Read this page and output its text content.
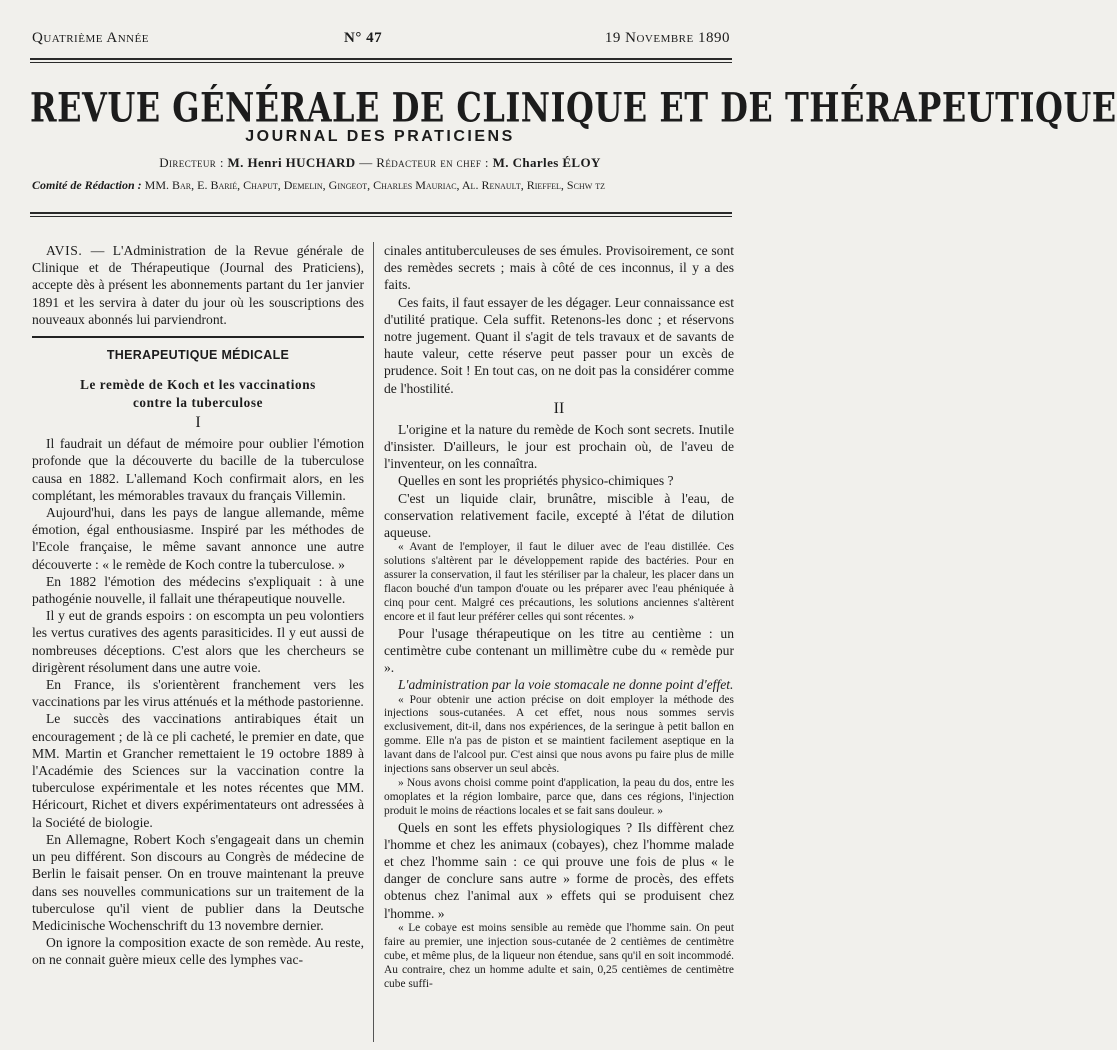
Quatrième Année	N° 47	19 Novembre 1890
REVUE GÉNÉRALE DE CLINIQUE ET DE THÉRAPEUTIQUE
JOURNAL DES PRATICIENS
Directeur : M. Henri HUCHARD — Rédacteur en chef : M. Charles ÉLOY
Comité de Rédaction : MM. Bar, E. Barié, Chaput, Demelin, Gingeot, Charles Mauriac, Al. Renault, Rieffel, Schw tz

AVIS. — L'Administration de la Revue générale de Clinique et de Thérapeutique (Journal des Praticiens), accepte dès à présent les abonnements partant du 1er janvier 1891 et les servira à dater du jour où les souscriptions des nouveaux abonnés lui parviendront.

THERAPEUTIQUE MÉDICALE
Le remède de Koch et les vaccinations
contre la tuberculose
I

Il faudrait un défaut de mémoire pour oublier l'émotion profonde que la découverte du bacille de la tuberculose causa en 1882. L'allemand Koch confirmait alors, en les complétant, les mémorables travaux du français Villemin.

Aujourd'hui, dans les pays de langue allemande, même émotion, égal enthousiasme. Inspiré par les méthodes de l'Ecole française, le même savant annonce une autre découverte : « le remède de Koch contre la tuberculose. »

En 1882 l'émotion des médecins s'expliquait : à une pathogénie nouvelle, il fallait une thérapeutique nouvelle.

Il y eut de grands espoirs : on escompta un peu volontiers les vertus curatives des agents parasiticides. Il y eut aussi de nombreuses déceptions. C'est alors que les chercheurs se dirigèrent résolument dans une autre voie.

En France, ils s'orientèrent franchement vers les vaccinations par les virus atténués et la méthode pastorienne.

Le succès des vaccinations antirabiques était un encouragement ; de là ce pli cacheté, le premier en date, que MM. Martin et Grancher remettaient le 19 octobre 1889 à l'Académie des Sciences sur la vaccination contre la tuberculose expérimentale et les notes récentes que MM. Héricourt, Richet et divers expérimentateurs ont adressées à la Société de biologie.

En Allemagne, Robert Koch s'engageait dans un chemin un peu différent. Son discours au Congrès de médecine de Berlin le faisait penser. On en trouve maintenant la preuve dans ses nouvelles communications sur un traitement de la tuberculose qu'il vient de publier dans la Deutsche Medicinische Wochenschrift du 13 novembre dernier.

On ignore la composition exacte de son remède. Au reste, on ne connait guère mieux celle des lymphes vac-

cinales antituberculeuses de ses émules. Provisoirement, ce sont des remèdes secrets ; mais à côté de ces inconnus, il y a des faits.

Ces faits, il faut essayer de les dégager. Leur connaissance est d'utilité pratique. Cela suffit. Retenons-les donc ; et réservons notre jugement. Quant il s'agit de tels travaux et de savants de haute valeur, cette réserve peut passer pour un excès de prudence. Soit ! En tout cas, on ne doit pas la considérer comme de l'hostilité.

II

L'origine et la nature du remède de Koch sont secrets. Inutile d'insister. D'ailleurs, le jour est prochain où, de l'aveu de l'inventeur, on les connaîtra.

Quelles en sont les propriétés physico-chimiques ?

C'est un liquide clair, brunâtre, miscible à l'eau, de conservation relativement facile, excepté à l'état de dilution aqueuse.

« Avant de l'employer, il faut le diluer avec de l'eau distillée. Ces solutions s'altèrent par le développement rapide des bactéries. Pour en assurer la conservation, il faut les stériliser par la chaleur, les placer dans un flacon bouché d'un tampon d'ouate ou les préparer avec l'eau phéniquée à cinq pour cent. Malgré ces précautions, les solutions anciennes s'altèrent encore et il faut leur préférer celles qui sont récentes. »

Pour l'usage thérapeutique on les titre au centième : un centimètre cube contenant un millimètre cube du « remède pur ».

L'administration par la voie stomacale ne donne point d'effet.

« Pour obtenir une action précise on doit employer la méthode des injections sous-cutanées. A cet effet, nous nous sommes servis exclusivement, dit-il, dans nos expériences, de la seringue à petit ballon en gomme. Elle n'a pas de piston et se maintient facilement aseptique en la lavant dans de l'alcool pur. C'est ainsi que nous avons pu faire plus de mille injections sans observer un seul abcès.

» Nous avons choisi comme point d'application, la peau du dos, entre les omoplates et la région lombaire, parce que, dans ces régions, l'injection produit le moins de réactions locales et se fait sans douleur. »

Quels en sont les effets physiologiques ? Ils diffèrent chez l'homme et chez les animaux (cobayes), chez l'homme malade et chez l'homme sain : ce qui prouve une fois de plus « le danger de conclure sans autre » forme de procès, des effets obtenus chez l'animal aux » effets qui se produisent chez l'homme. »

« Le cobaye est moins sensible au remède que l'homme sain. On peut faire au premier, une injection sous-cutanée de 2 centièmes de centimètre cube, et même plus, de la liqueur non étendue, sans qu'il en soit incommodé. Au contraire, chez un homme adulte et sain, 0,25 centièmes de centimètre cube suffi-
